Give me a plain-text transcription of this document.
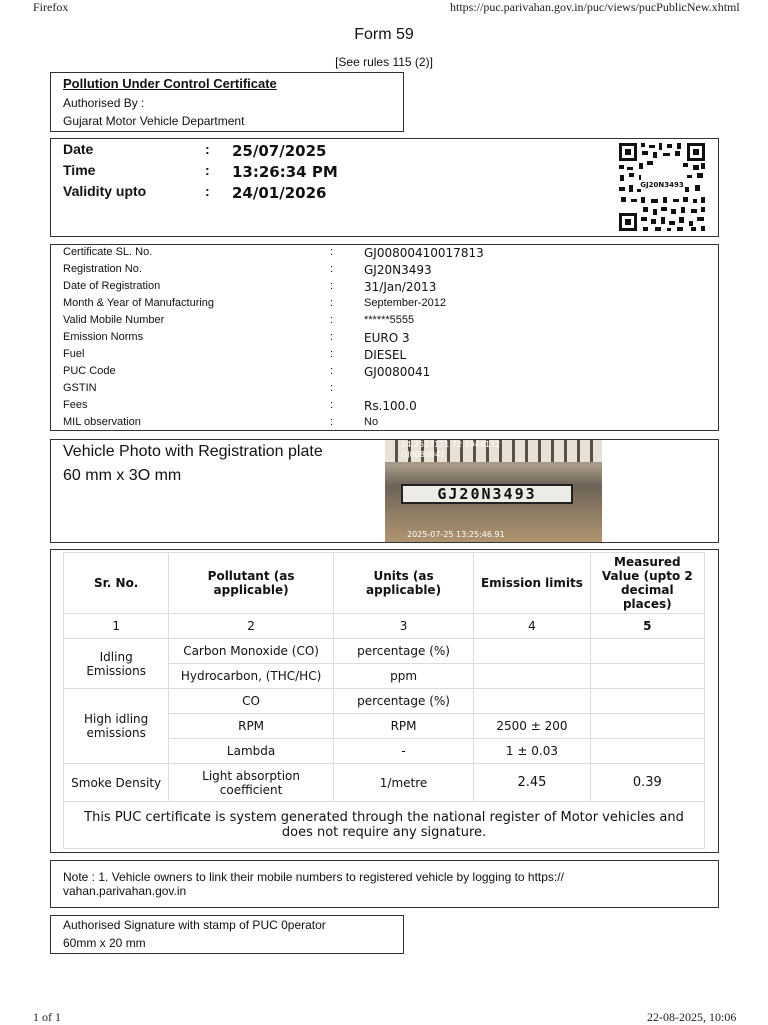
Firefox	https://puc.parivahan.gov.in/puc/views/pucPublicNew.xhtml
Form 59
[See rules 115 (2)]
Pollution Under Control Certificate
Authorised By :
Gujarat Motor Vehicle Department
Date	: 25/07/2025
Time	: 13:26:34 PM
Validity upto	: 24/01/2026	GJ20N3493
Certificate SL. No.	:	GJ00800410017813
Registration No.	:	GJ20N3493
Date of Registration	:	31/Jan/2013
Month & Year of Manufacturing	:	September-2012
Valid Mobile Number	:	******5555
Emission Norms	:	EURO 3
Fuel	:	DIESEL
PUC Code	:	GJ0080041
GSTIN	:
Fees	:	Rs.100.0
MIL observation	:	No
Vehicle Photo with Registration plate
60 mm x 3O mm
GJ20N3493
24.2537171 72.1944112
GJ0080041
2025-07-25 13:25:46.91
Sr. No.	Pollutant (as applicable)	Units (as applicable)	Emission limits	Measured Value (upto 2 decimal places)
1	2	3	4	5
Idling Emissions	Carbon Monoxide (CO)	percentage (%)		
	Hydrocarbon, (THC/HC)	ppm		
High idling emissions	CO	percentage (%)		
	RPM	RPM	2500 ± 200	
	Lambda	-	1 ± 0.03	
Smoke Density	Light absorption coefficient	1/metre	2.45	0.39
This PUC certificate is system generated through the national register of Motor vehicles and does not require any signature.				
Note : 1. Vehicle owners to link their mobile numbers to registered vehicle by logging to https:// vahan.parivahan.gov.in
Authorised Signature with stamp of PUC 0perator
60mm x 20 mm
1 of 1	22-08-2025, 10:06
